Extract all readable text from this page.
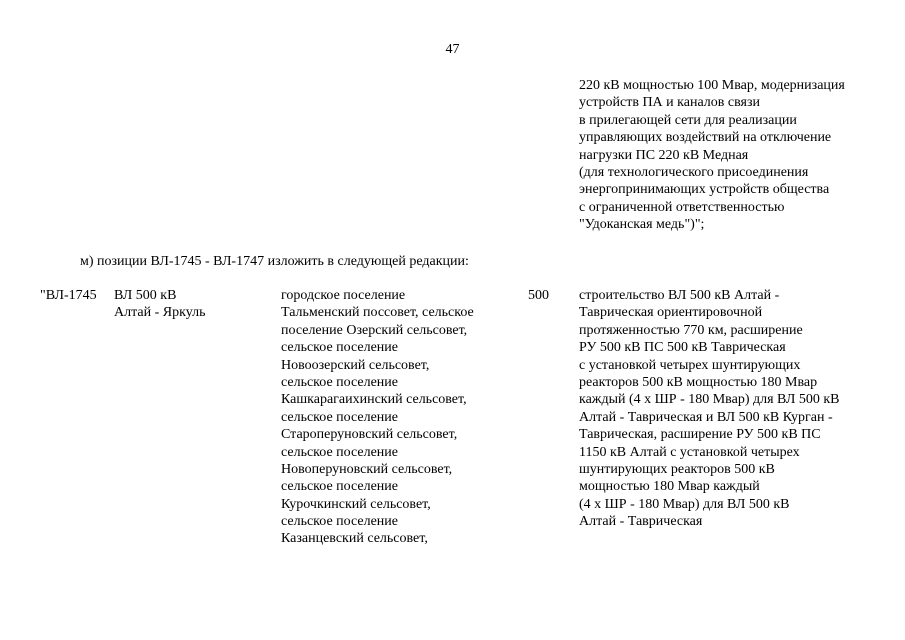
47
220 кВ мощностью 100 Мвар, модернизация
устройств ПА и каналов связи
в прилегающей сети для реализации
управляющих воздействий на отключение
нагрузки ПС 220 кВ Медная
(для технологического присоединения
энергопринимающих устройств общества
с ограниченной ответственностью
"Удоканская медь")";
м) позиции ВЛ-1745 - ВЛ-1747 изложить в следующей редакции:
"ВЛ-1745 ВЛ 500 кВ
Алтай - Яркуль
городское поселение
Тальменский поссовет, сельское
поселение Озерский сельсовет,
сельское поселение
Новоозерский сельсовет,
сельское поселение
Кашкарагаихинский сельсовет,
сельское поселение
Староперуновский сельсовет,
сельское поселение
Новоперуновский сельсовет,
сельское поселение
Курочкинский сельсовет,
сельское поселение
Казанцевский сельсовет,
500 строительство ВЛ 500 кВ Алтай -
Таврическая ориентировочной
протяженностью 770 км, расширение
РУ 500 кВ ПС 500 кВ Таврическая
с установкой четырех шунтирующих
реакторов 500 кВ мощностью 180 Мвар
каждый (4 х ШР - 180 Мвар) для ВЛ 500 кВ
Алтай - Таврическая и ВЛ 500 кВ Курган -
Таврическая, расширение РУ 500 кВ ПС
1150 кВ Алтай с установкой четырех
шунтирующих реакторов 500 кВ
мощностью 180 Мвар каждый
(4 х ШР - 180 Мвар) для ВЛ 500 кВ
Алтай - Таврическая
